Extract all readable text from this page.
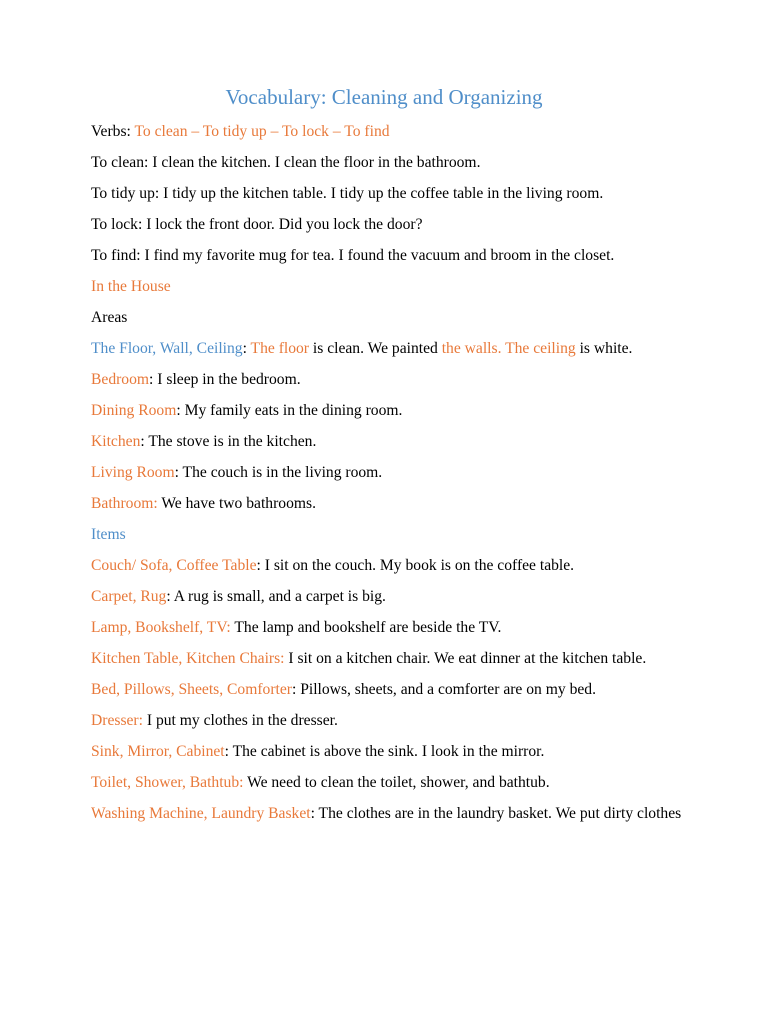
Vocabulary: Cleaning and Organizing

Verbs: To clean – To tidy up – To lock – To find

To clean: I clean the kitchen. I clean the floor in the bathroom.

To tidy up: I tidy up the kitchen table. I tidy up the coffee table in the living room.

To lock: I lock the front door. Did you lock the door?

To find: I find my favorite mug for tea. I found the vacuum and broom in the closet.

In the House

Areas

The Floor, Wall, Ceiling: The floor is clean. We painted the walls. The ceiling is white.

Bedroom: I sleep in the bedroom.

Dining Room: My family eats in the dining room.

Kitchen: The stove is in the kitchen.

Living Room: The couch is in the living room.

Bathroom: We have two bathrooms.

Items

Couch/ Sofa, Coffee Table: I sit on the couch. My book is on the coffee table.

Carpet, Rug: A rug is small, and a carpet is big.

Lamp, Bookshelf, TV: The lamp and bookshelf are beside the TV.

Kitchen Table, Kitchen Chairs: I sit on a kitchen chair. We eat dinner at the kitchen table.

Bed, Pillows, Sheets, Comforter: Pillows, sheets, and a comforter are on my bed.

Dresser: I put my clothes in the dresser.

Sink, Mirror, Cabinet: The cabinet is above the sink. I look in the mirror.

Toilet, Shower, Bathtub: We need to clean the toilet, shower, and bathtub.

Washing Machine, Laundry Basket: The clothes are in the laundry basket. We put dirty clothes
